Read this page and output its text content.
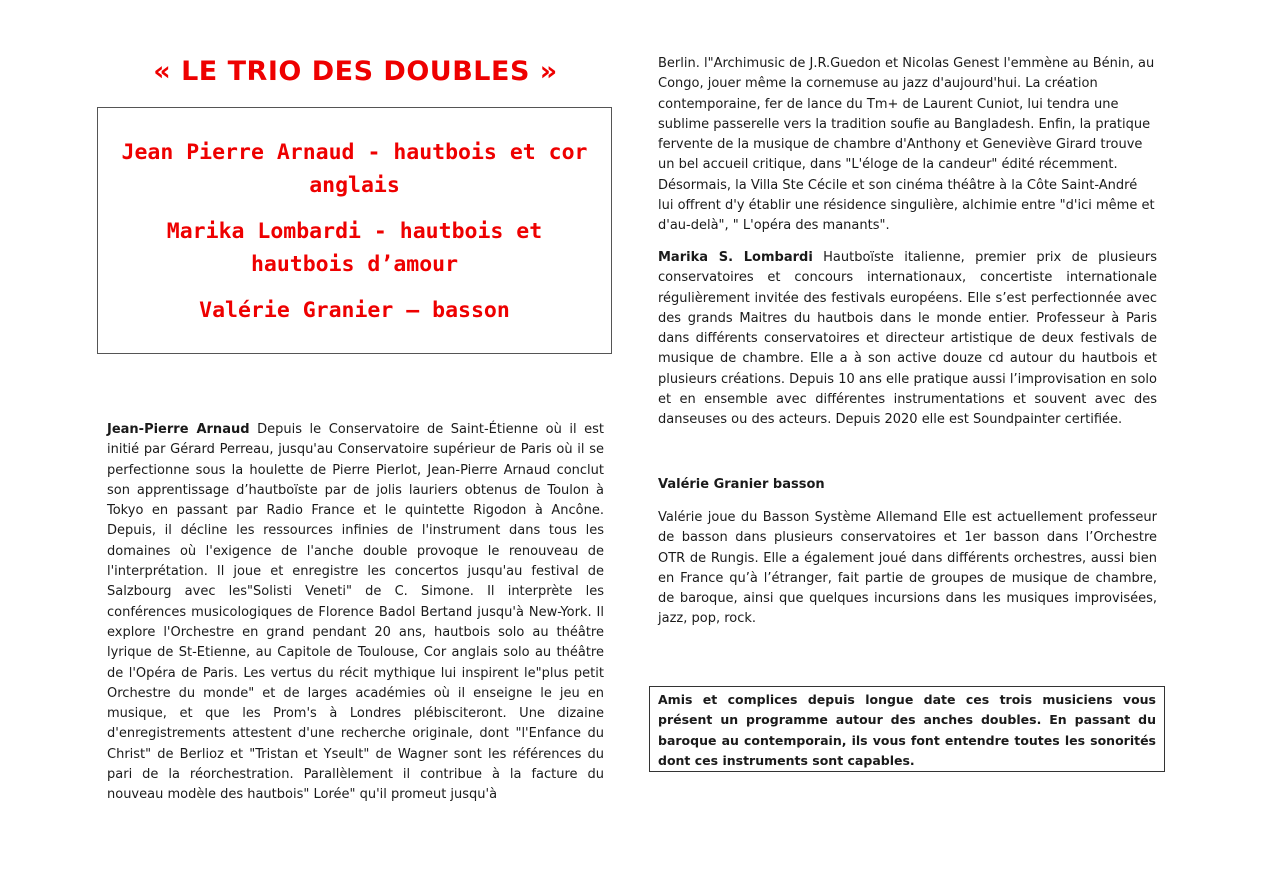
« LE TRIO DES DOUBLES »

Jean Pierre Arnaud - hautbois et cor anglais

Marika Lombardi - hautbois et hautbois d’amour

Valérie Granier – basson

Jean-Pierre Arnaud Depuis le Conservatoire de Saint-Étienne où il est initié par Gérard Perreau, jusqu'au Conservatoire supérieur de Paris où il se perfectionne sous la houlette de Pierre Pierlot, Jean-Pierre Arnaud conclut son apprentissage d’hautboïste par de jolis lauriers obtenus de Toulon à Tokyo en passant par Radio France et le quintette Rigodon à Ancône. Depuis, il décline les ressources infinies de l'instrument dans tous les domaines où l'exigence de l'anche double provoque le renouveau de l'interprétation. Il joue et enregistre les concertos jusqu'au festival de Salzbourg avec les"Solisti Veneti" de C. Simone. Il interprète les conférences musicologiques de Florence Badol Bertand jusqu'à New-York. Il explore l'Orchestre en grand pendant 20 ans, hautbois solo au théâtre lyrique de St-Etienne, au Capitole de Toulouse, Cor anglais solo au théâtre de l'Opéra de Paris. Les vertus du récit mythique lui inspirent le"plus petit Orchestre du monde" et de larges académies où il enseigne le jeu en musique, et que les Prom's à Londres plébisciteront. Une dizaine d'enregistrements attestent d'une recherche originale, dont "l'Enfance du Christ" de Berlioz et "Tristan et Yseult" de Wagner sont les références du pari de la réorchestration. Parallèlement il contribue à la facture du nouveau modèle des hautbois" Lorée" qu'il promeut jusqu'à

Berlin. l"Archimusic de J.R.Guedon et Nicolas Genest l'emmène au Bénin, au Congo, jouer même la cornemuse au jazz d'aujourd'hui. La création contemporaine, fer de lance du Tm+ de Laurent Cuniot, lui tendra une sublime passerelle vers la tradition soufie au Bangladesh. Enfin, la pratique fervente de la musique de chambre d'Anthony et Geneviève Girard trouve un bel accueil critique, dans "L'éloge de la candeur" édité récemment. Désormais, la Villa Ste Cécile et son cinéma théâtre à la Côte Saint-André lui offrent d'y établir une résidence singulière, alchimie entre "d'ici même et d'au-delà", " L'opéra des manants".

Marika S. Lombardi Hautboïste italienne, premier prix de plusieurs conservatoires et concours internationaux, concertiste internationale régulièrement invitée des festivals européens. Elle s’est perfectionnée avec des grands Maitres du hautbois dans le monde entier. Professeur à Paris dans différents conservatoires et directeur artistique de deux festivals de musique de chambre. Elle a à son active douze cd autour du hautbois et plusieurs créations. Depuis 10 ans elle pratique aussi l’improvisation en solo et en ensemble avec différentes instrumentations et souvent avec des danseuses ou des acteurs. Depuis 2020 elle est Soundpainter certifiée.

Valérie Granier basson

Valérie joue du Basson Système Allemand Elle est actuellement professeur de basson dans plusieurs conservatoires et 1er basson dans l’Orchestre OTR de Rungis. Elle a également joué dans différents orchestres, aussi bien en France qu’à l’étranger, fait partie de groupes de musique de chambre, de baroque, ainsi que quelques incursions dans les musiques improvisées, jazz, pop, rock.

Amis et complices depuis longue date ces trois musiciens vous présent un programme autour des anches doubles. En passant du baroque au contemporain, ils vous font entendre toutes les sonorités dont ces instruments sont capables.
